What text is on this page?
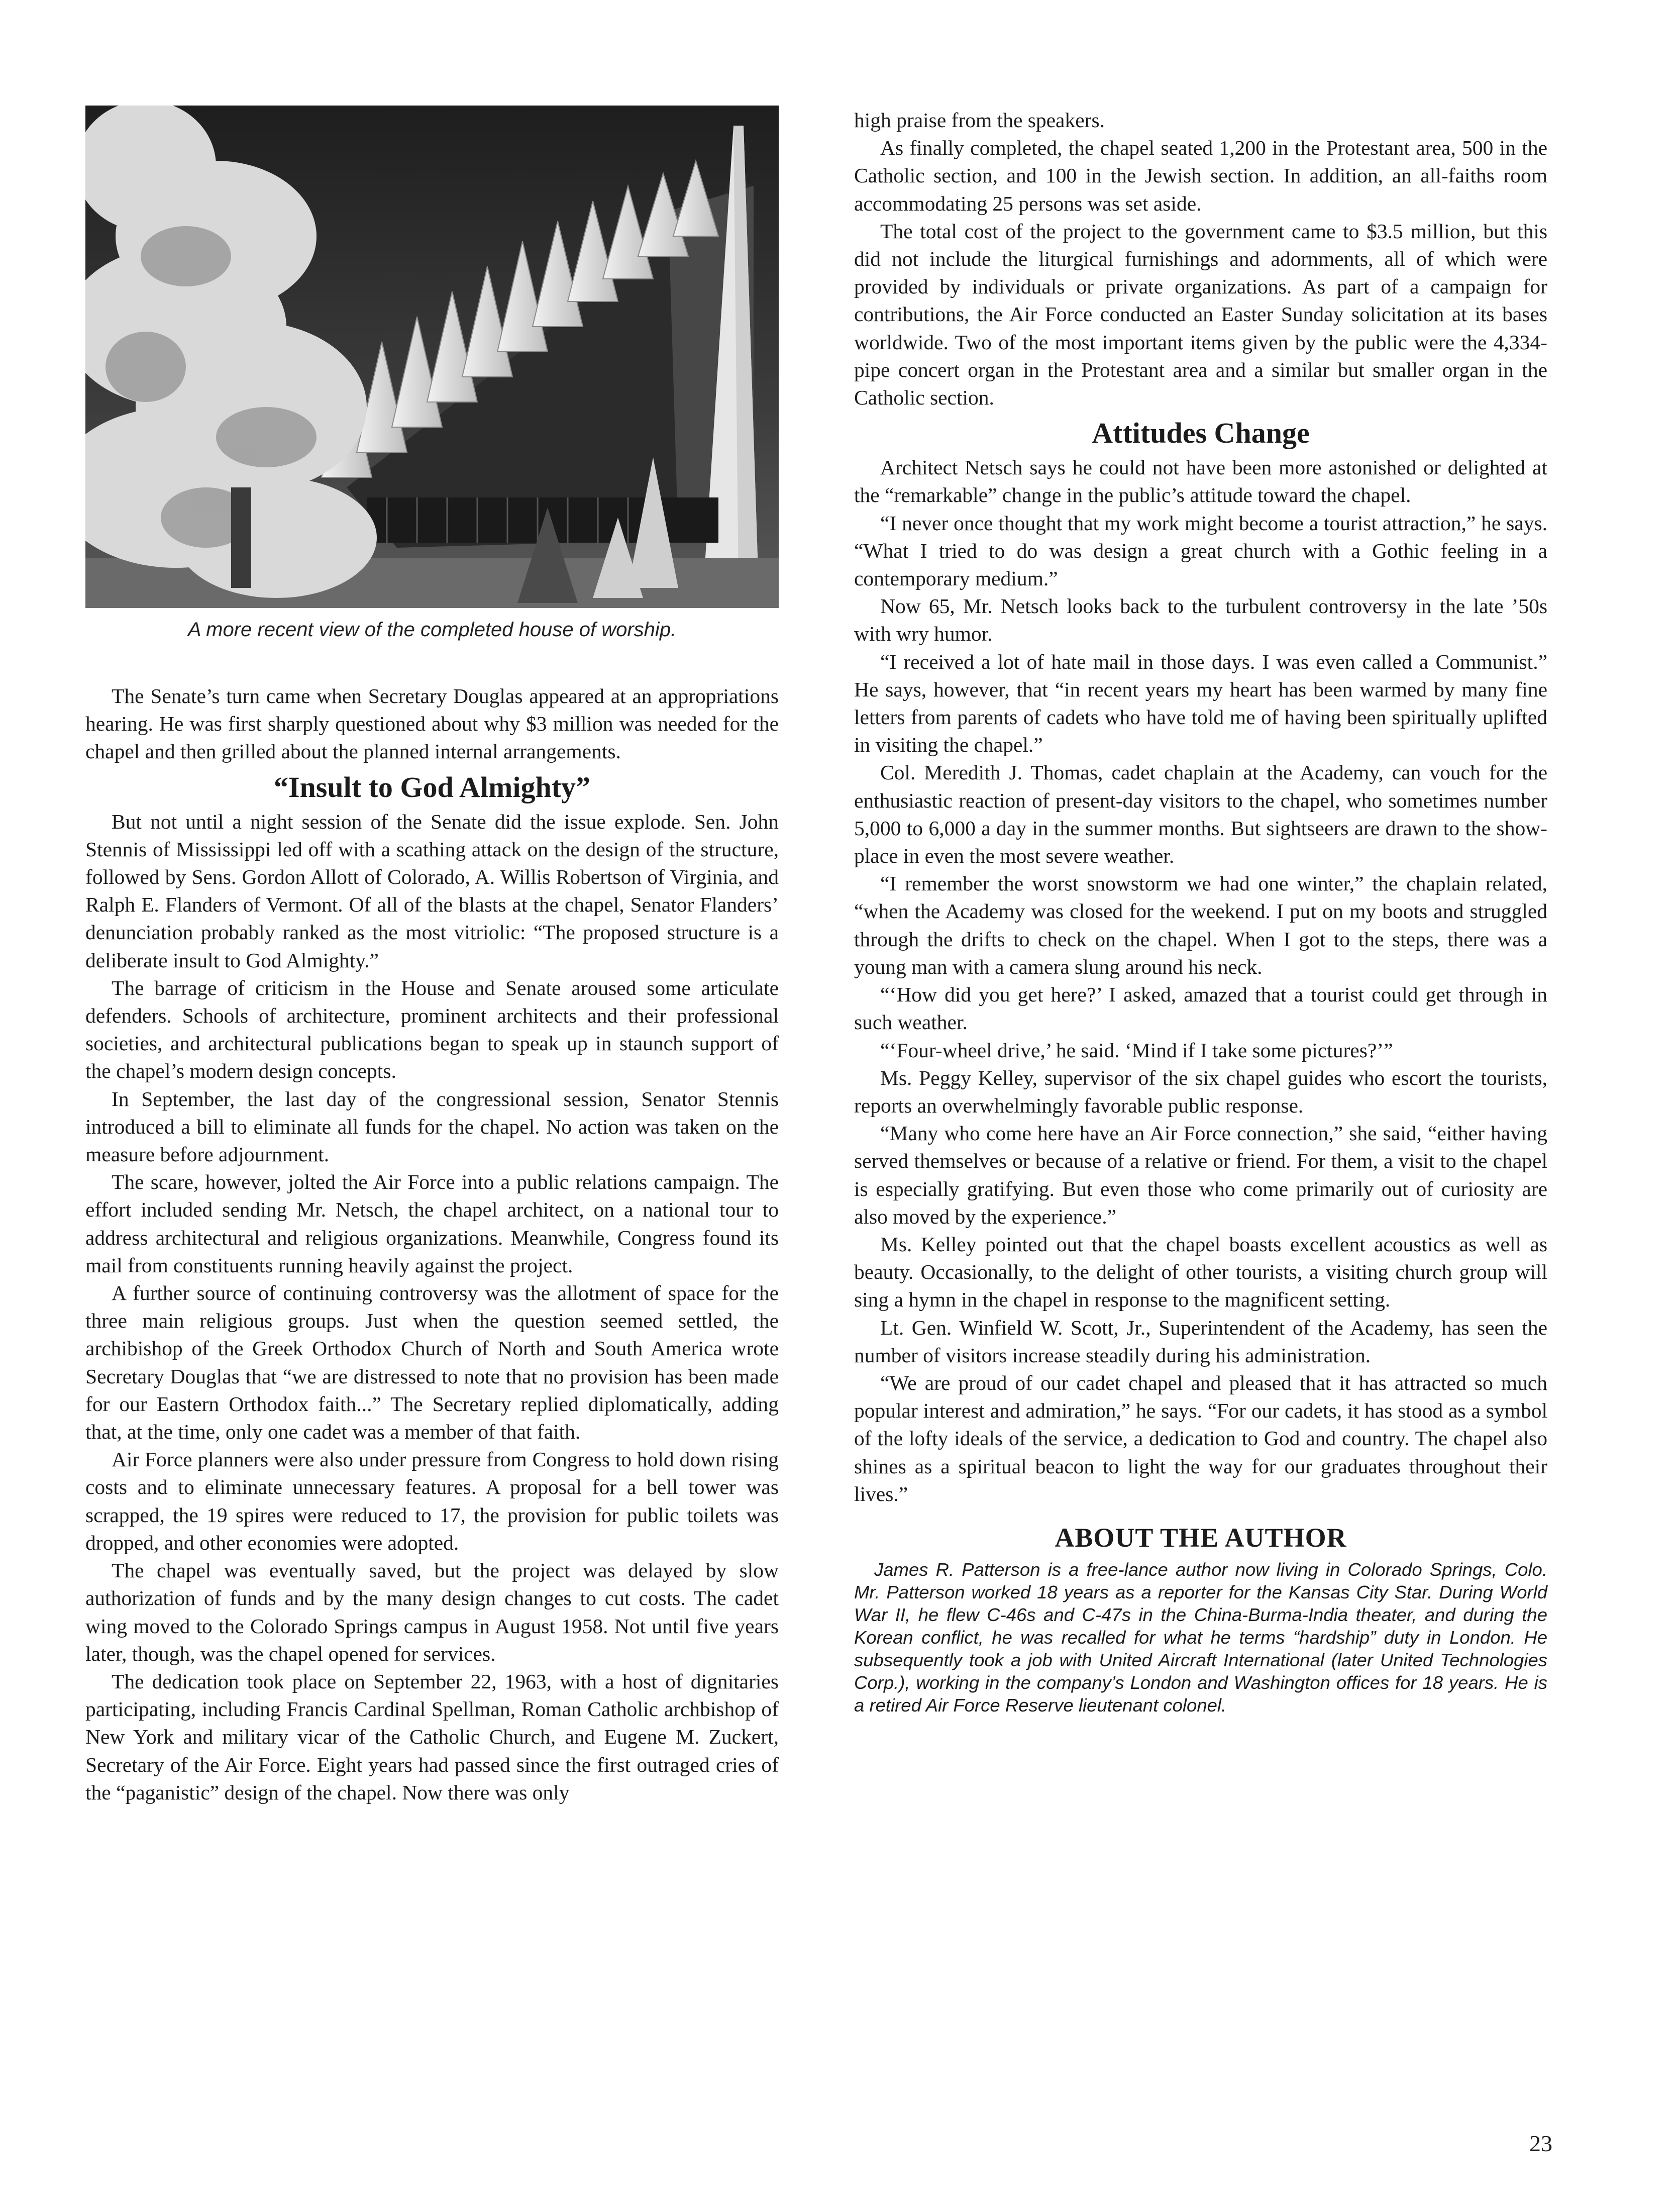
A more recent view of the completed house of worship.

The Senate’s turn came when Secretary Douglas appeared at an appropriations hearing. He was first sharply questioned about why $3 million was needed for the chapel and then grilled about the planned internal arrangements.

“Insult to God Almighty”

But not until a night session of the Senate did the issue explode. Sen. John Stennis of Mississippi led off with a scathing attack on the design of the structure, followed by Sens. Gordon Allott of Colorado, A. Willis Robertson of Virginia, and Ralph E. Flanders of Vermont. Of all of the blasts at the chapel, Senator Flanders’ denunciation probably ranked as the most vitriolic: “The proposed structure is a deliberate insult to God Almighty.”

The barrage of criticism in the House and Senate aroused some articulate defenders. Schools of architecture, prominent architects and their professional societies, and architectural publications began to speak up in staunch support of the chapel’s modern design concepts.

In September, the last day of the congressional session, Senator Stennis introduced a bill to eliminate all funds for the chapel. No action was taken on the measure before adjournment.

The scare, however, jolted the Air Force into a public relations campaign. The effort included sending Mr. Netsch, the chapel architect, on a national tour to address architectural and religious organizations. Meanwhile, Congress found its mail from constituents running heavily against the project.

A further source of continuing controversy was the allotment of space for the three main religious groups. Just when the question seemed settled, the archibishop of the Greek Orthodox Church of North and South America wrote Secretary Douglas that “we are distressed to note that no provision has been made for our Eastern Orthodox faith...” The Secretary replied diplomatically, adding that, at the time, only one cadet was a member of that faith.

Air Force planners were also under pressure from Congress to hold down rising costs and to eliminate unnecessary features. A proposal for a bell tower was scrapped, the 19 spires were reduced to 17, the provision for public toilets was dropped, and other economies were adopted.

The chapel was eventually saved, but the project was delayed by slow authorization of funds and by the many design changes to cut costs. The cadet wing moved to the Colorado Springs campus in August 1958. Not until five years later, though, was the chapel opened for services.

The dedication took place on September 22, 1963, with a host of dignitaries participating, including Francis Cardinal Spellman, Roman Catholic archbishop of New York and military vicar of the Catholic Church, and Eugene M. Zuckert, Secretary of the Air Force. Eight years had passed since the first outraged cries of the “paganistic” design of the chapel. Now there was only

high praise from the speakers.

As finally completed, the chapel seated 1,200 in the Protestant area, 500 in the Catholic section, and 100 in the Jewish section. In addition, an all-faiths room accommodating 25 persons was set aside.

The total cost of the project to the government came to $3.5 million, but this did not include the liturgical furnishings and adornments, all of which were provided by individuals or private organizations. As part of a campaign for contributions, the Air Force conducted an Easter Sunday solicitation at its bases worldwide. Two of the most important items given by the public were the 4,334-pipe concert organ in the Protestant area and a similar but smaller organ in the Catholic section.

Attitudes Change

Architect Netsch says he could not have been more astonished or delighted at the “remarkable” change in the public’s attitude toward the chapel.

“I never once thought that my work might become a tourist attraction,” he says. “What I tried to do was design a great church with a Gothic feeling in a contemporary medium.”

Now 65, Mr. Netsch looks back to the turbulent controversy in the late ’50s with wry humor.

“I received a lot of hate mail in those days. I was even called a Communist.” He says, however, that “in recent years my heart has been warmed by many fine letters from parents of cadets who have told me of having been spiritually uplifted in visiting the chapel.”

Col. Meredith J. Thomas, cadet chaplain at the Academy, can vouch for the enthusiastic reaction of present-day visitors to the chapel, who sometimes number 5,000 to 6,000 a day in the summer months. But sightseers are drawn to the show-place in even the most severe weather.

“I remember the worst snowstorm we had one winter,” the chaplain related, “when the Academy was closed for the weekend. I put on my boots and struggled through the drifts to check on the chapel. When I got to the steps, there was a young man with a camera slung around his neck.

“‘How did you get here?’ I asked, amazed that a tourist could get through in such weather.

“‘Four-wheel drive,’ he said. ‘Mind if I take some pictures?’”

Ms. Peggy Kelley, supervisor of the six chapel guides who escort the tourists, reports an overwhelmingly favorable public response.

“Many who come here have an Air Force connection,” she said, “either having served themselves or because of a relative or friend. For them, a visit to the chapel is especially gratifying. But even those who come primarily out of curiosity are also moved by the experience.”

Ms. Kelley pointed out that the chapel boasts excellent acoustics as well as beauty. Occasionally, to the delight of other tourists, a visiting church group will sing a hymn in the chapel in response to the magnificent setting.

Lt. Gen. Winfield W. Scott, Jr., Superintendent of the Academy, has seen the number of visitors increase steadily during his administration.

“We are proud of our cadet chapel and pleased that it has attracted so much popular interest and admiration,” he says. “For our cadets, it has stood as a symbol of the lofty ideals of the service, a dedication to God and country. The chapel also shines as a spiritual beacon to light the way for our graduates throughout their lives.”

ABOUT THE AUTHOR

James R. Patterson is a free-lance author now living in Colorado Springs, Colo. Mr. Patterson worked 18 years as a reporter for the Kansas City Star. During World War II, he flew C-46s and C-47s in the China-Burma-India theater, and during the Korean conflict, he was recalled for what he terms “hardship” duty in London. He subsequently took a job with United Aircraft International (later United Technologies Corp.), working in the company’s London and Washington offices for 18 years. He is a retired Air Force Reserve lieutenant colonel.

23
